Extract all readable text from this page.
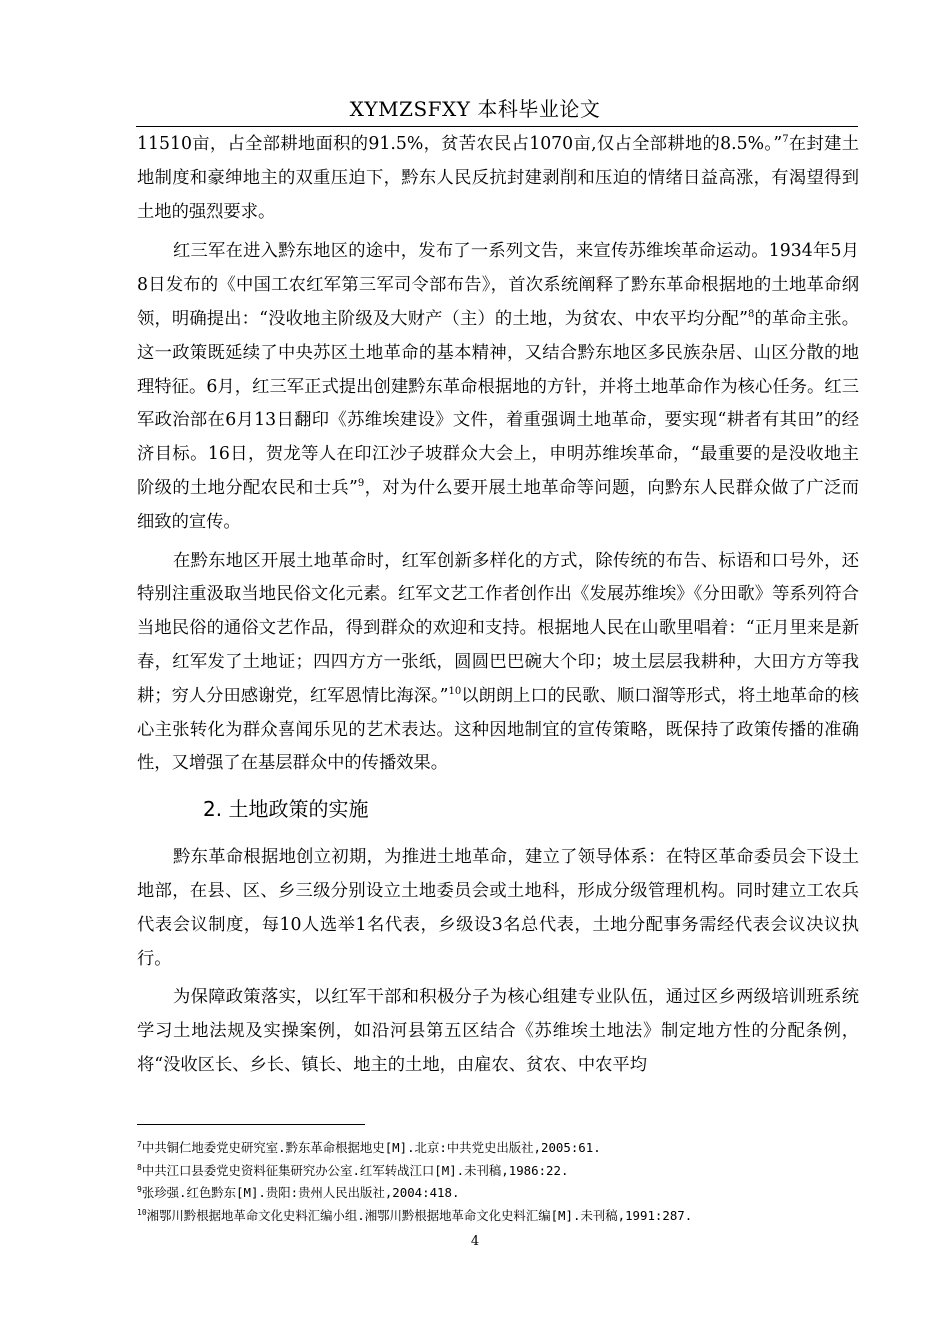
XYMZSFXY 本科毕业论文

11510亩，占全部耕地面积的91.5%，贫苦农民占1070亩,仅占全部耕地的8.5%。”$^7$在封建土地制度和豪绅地主的双重压迫下，黔东人民反抗封建剥削和压迫的情绪日益高涨，有渴望得到土地的强烈要求。

红三军在进入黔东地区的途中，发布了一系列文告，来宣传苏维埃革命运动。1934年5月8日发布的《中国工农红军第三军司令部布告》，首次系统阐释了黔东革命根据地的土地革命纲领，明确提出：“没收地主阶级及大财产（主）的土地，为贫农、中农平均分配”$^8$的革命主张。这一政策既延续了中央苏区土地革命的基本精神，又结合黔东地区多民族杂居、山区分散的地理特征。6月，红三军正式提出创建黔东革命根据地的方针，并将土地革命作为核心任务。红三军政治部在6月13日翻印《苏维埃建设》文件，着重强调土地革命，要实现“耕者有其田”的经济目标。16日，贺龙等人在印江沙子坡群众大会上，申明苏维埃革命，“最重要的是没收地主阶级的土地分配农民和士兵”$^9$，对为什么要开展土地革命等问题，向黔东人民群众做了广泛而细致的宣传。

在黔东地区开展土地革命时，红军创新多样化的方式，除传统的布告、标语和口号外，还特别注重汲取当地民俗文化元素。红军文艺工作者创作出《发展苏维埃》《分田歌》等系列符合当地民俗的通俗文艺作品，得到群众的欢迎和支持。根据地人民在山歌里唱着：“正月里来是新春，红军发了土地证；四四方方一张纸，圆圆巴巴碗大个印；坡土层层我耕种，大田方方等我耕；穷人分田感谢党，红军恩情比海深。”$^{10}$以朗朗上口的民歌、顺口溜等形式，将土地革命的核心主张转化为群众喜闻乐见的艺术表达。这种因地制宜的宣传策略，既保持了政策传播的准确性，又增强了在基层群众中的传播效果。

2. 土地政策的实施

黔东革命根据地创立初期，为推进土地革命，建立了领导体系：在特区革命委员会下设土地部，在县、区、乡三级分别设立土地委员会或土地科，形成分级管理机构。同时建立工农兵代表会议制度，每10人选举1名代表，乡级设3名总代表，土地分配事务需经代表会议决议执行。

为保障政策落实，以红军干部和积极分子为核心组建专业队伍，通过区乡两级培训班系统学习土地法规及实操案例，如沿河县第五区结合《苏维埃土地法》制定地方性的分配条例，将“没收区长、乡长、镇长、地主的土地，由雇农、贫农、中农平均

$^7$中共铜仁地委党史研究室.黔东革命根据地史[M].北京:中共党史出版社,2005:61.

$^8$中共江口县委党史资料征集研究办公室.红军转战江口[M].未刊稿,1986:22.

$^9$张珍强.红色黔东[M].贵阳:贵州人民出版社,2004:418.

$^{10}$湘鄂川黔根据地革命文化史料汇编小组.湘鄂川黔根据地革命文化史料汇编[M].未刊稿,1991:287.

4
